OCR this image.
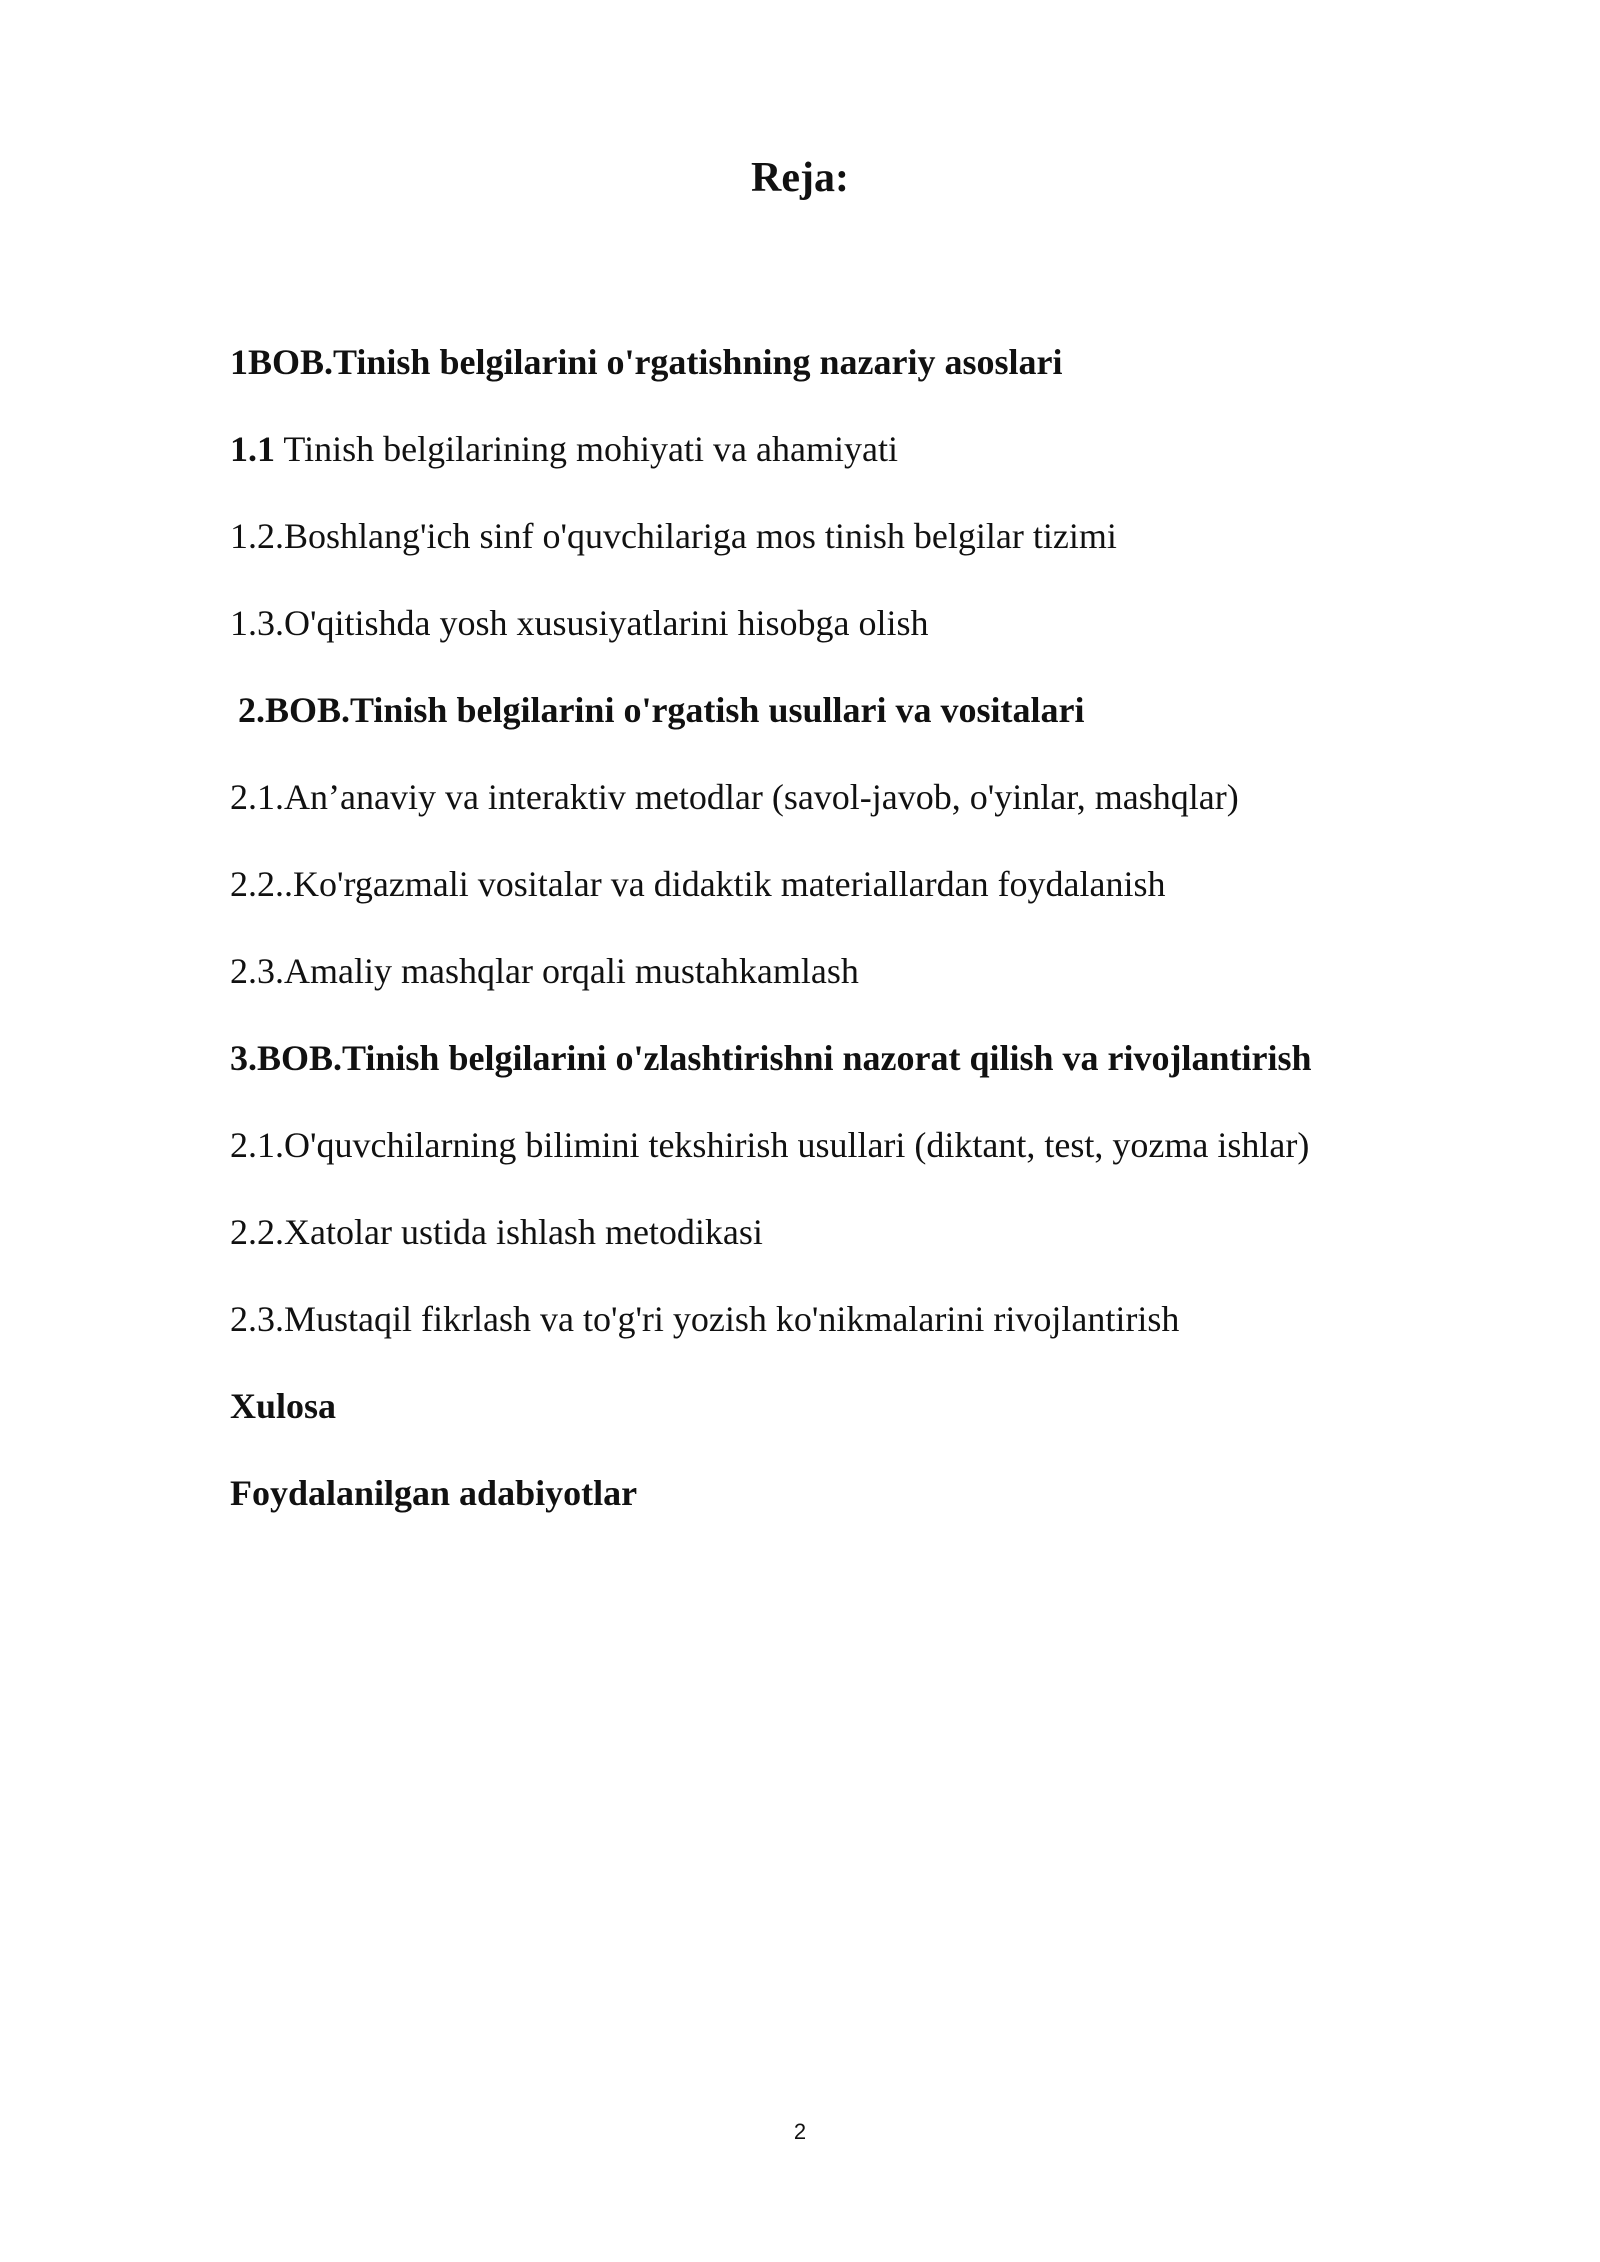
Reja:
1BOB.Tinish belgilarini o'rgatishning nazariy asoslari
1.1 Tinish belgilarining mohiyati va ahamiyati
1.2.Boshlang'ich sinf o'quvchilariga mos tinish belgilar tizimi
1.3.O'qitishda yosh xususiyatlarini hisobga olish
2.BOB.Tinish belgilarini o'rgatish usullari va vositalari
2.1.An’anaviy va interaktiv metodlar (savol-javob, o'yinlar, mashqlar)
2.2..Ko'rgazmali vositalar va didaktik materiallardan foydalanish
2.3.Amaliy mashqlar orqali mustahkamlash
3.BOB.Tinish belgilarini o'zlashtirishni nazorat qilish va rivojlantirish
2.1.O'quvchilarning bilimini tekshirish usullari (diktant, test, yozma ishlar)
2.2.Xatolar ustida ishlash metodikasi
2.3.Mustaqil fikrlash va to'g'ri yozish ko'nikmalarini rivojlantirish
Xulosa
Foydalanilgan adabiyotlar
2
